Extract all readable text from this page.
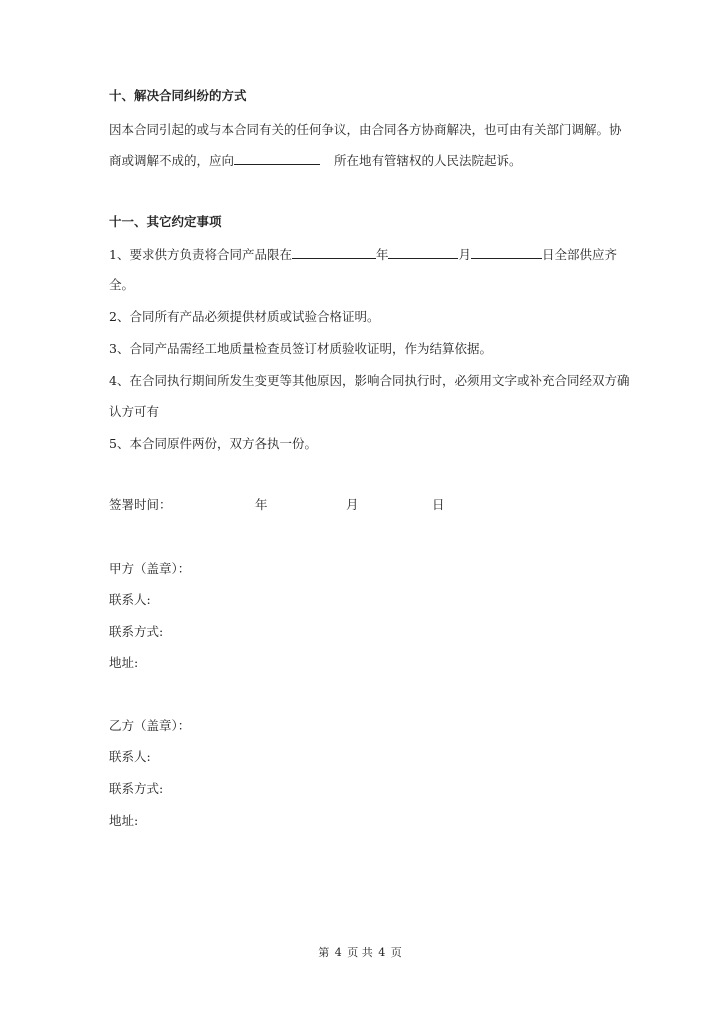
十、解决合同纠纷的方式
因本合同引起的或与本合同有关的任何争议，由合同各方协商解决，也可由有关部门调解。协
商或调解不成的，应向	所在地有管辖权的人民法院起诉。
十一、其它约定事项
1、要求供方负责将合同产品限在	年	月	日全部供应齐
全。
2、合同所有产品必须提供材质或试验合格证明。
3、合同产品需经工地质量检查员签订材质验收证明，作为结算依据。
4、在合同执行期间所发生变更等其他原因，影响合同执行时，必须用文字或补充合同经双方确
认方可有
5、本合同原件两份，双方各执一份。
签署时间：	年	月	日
甲方（盖章）：
联系人:
联系方式:
地址:
乙方（盖章）：
联系人:
联系方式:
地址:
第 4 页 共 4 页
